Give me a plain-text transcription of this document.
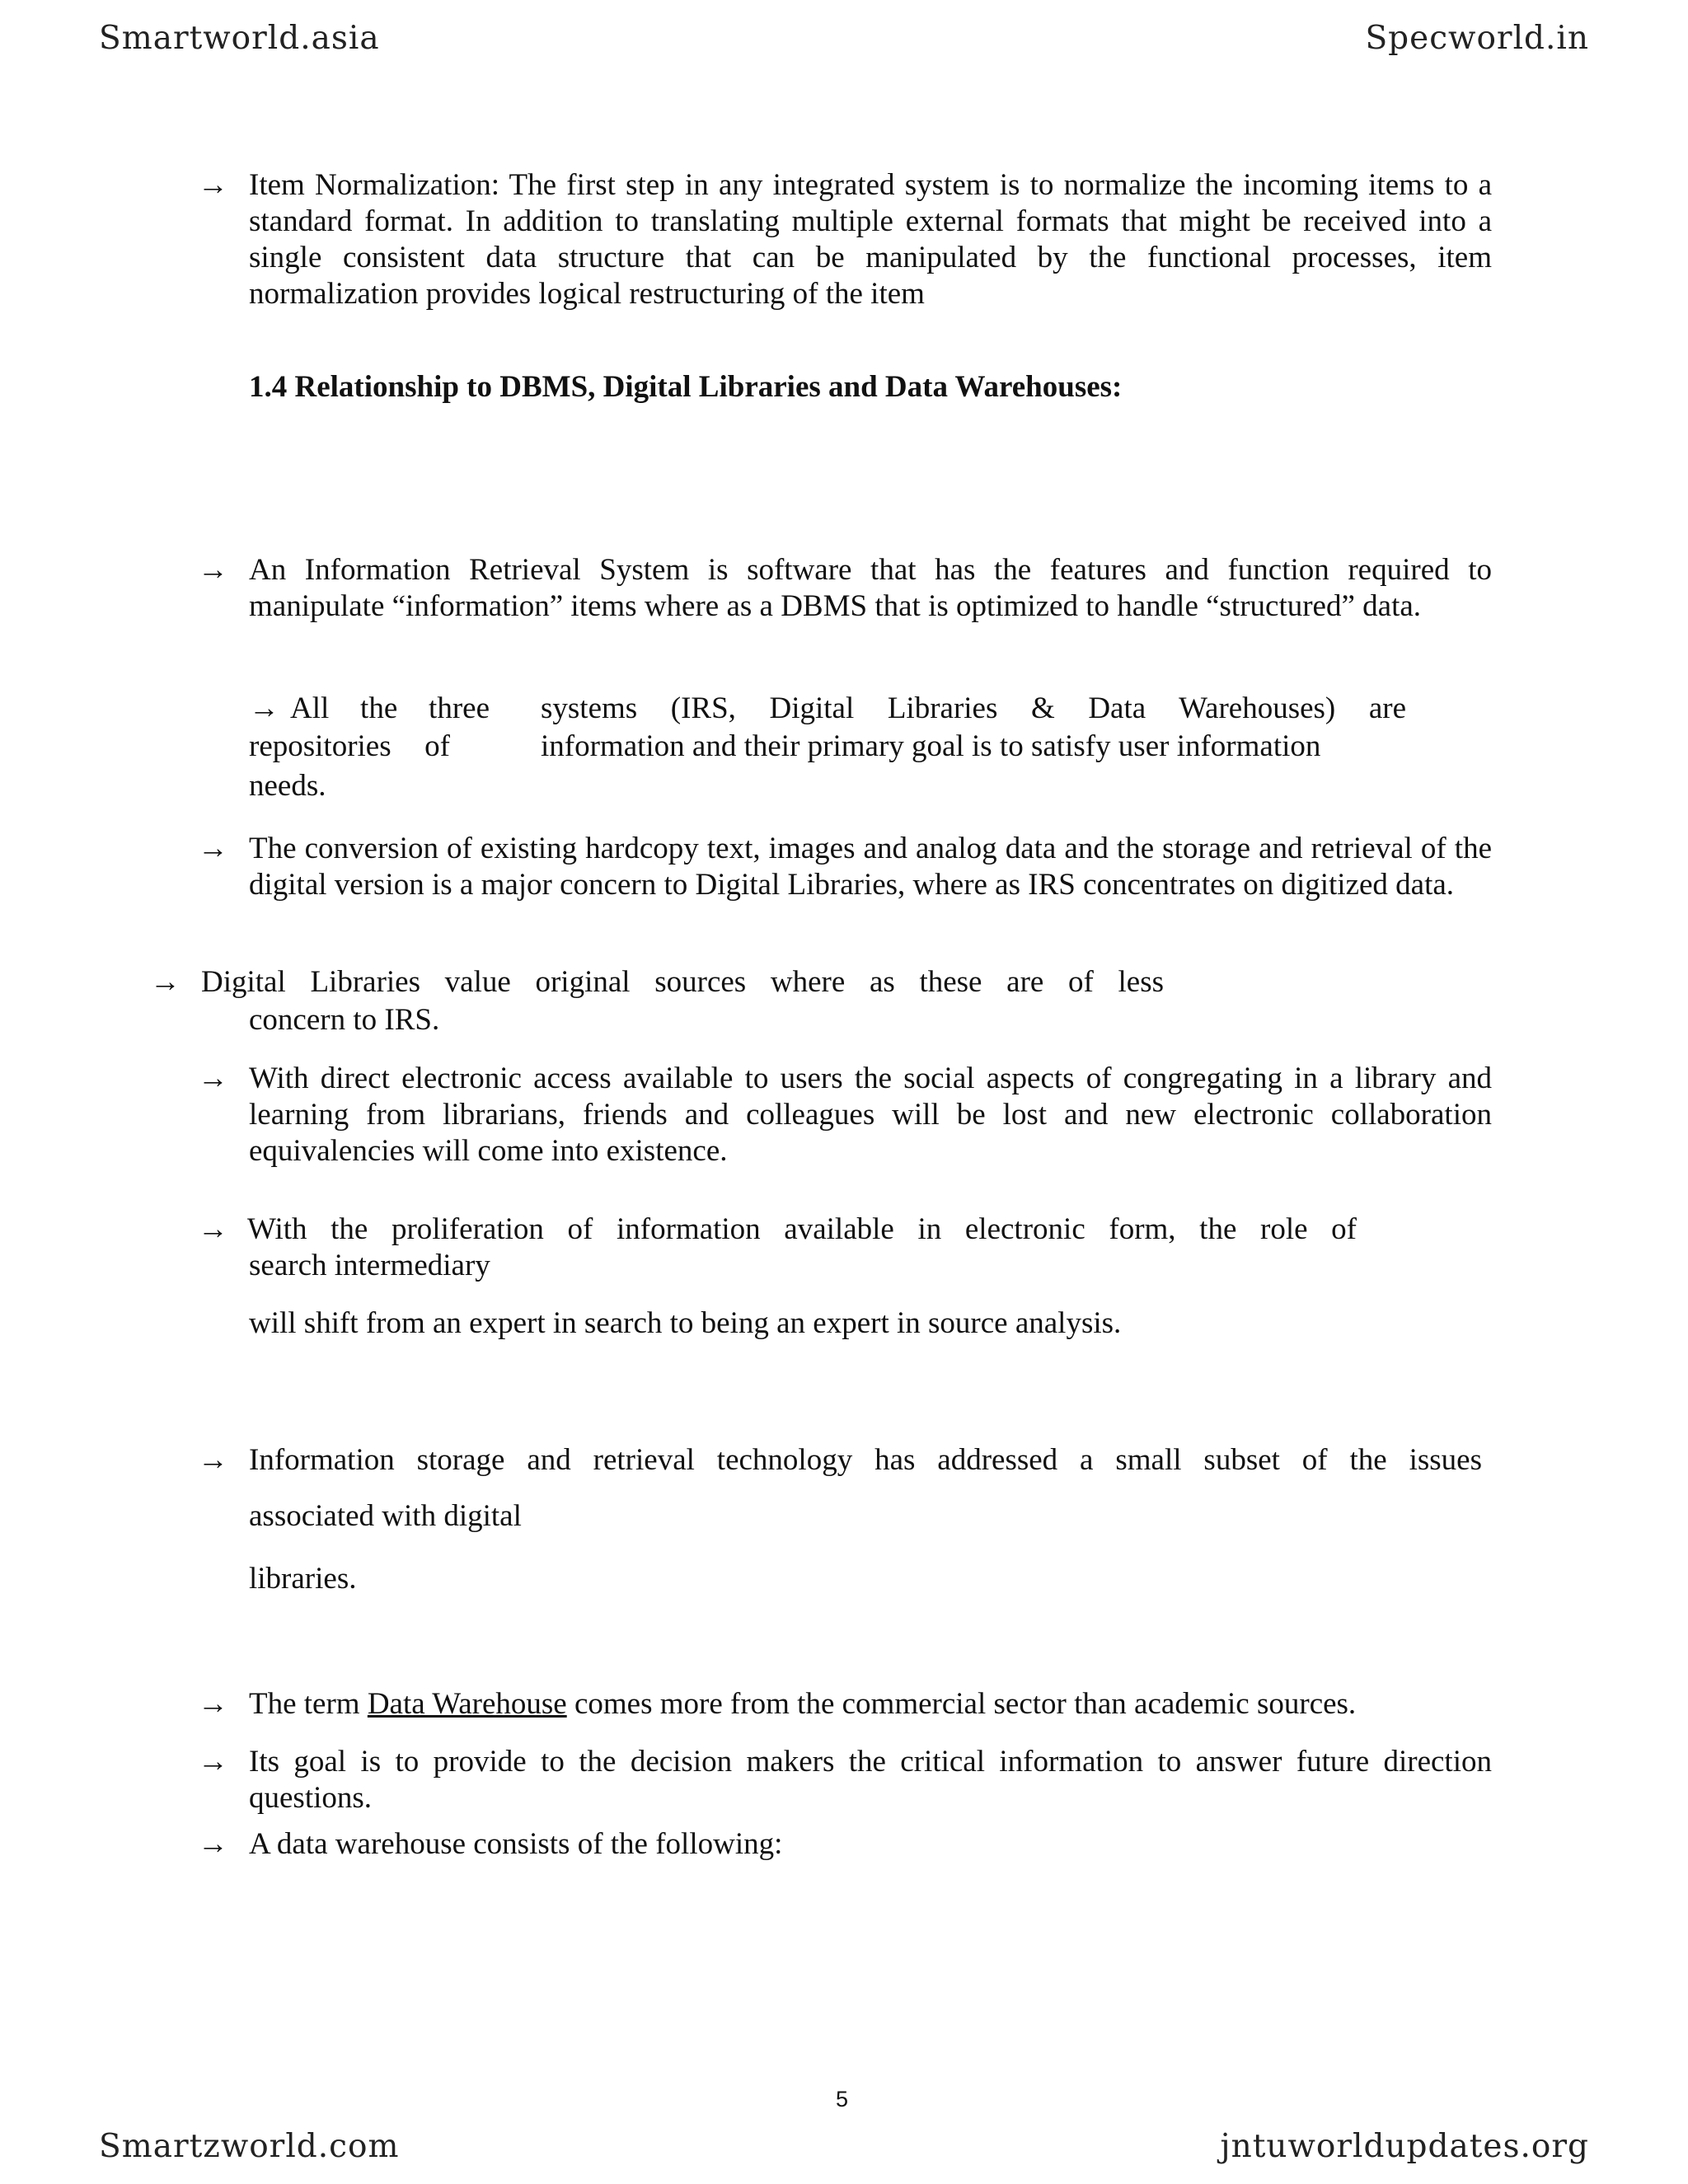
Smartworld.asia	Specworld.in
→ Item Normalization: The first step in any integrated system is to normalize the incoming items to a standard format. In addition to translating multiple external formats that might be received into a single consistent data structure that can be manipulated by the functional processes, item normalization provides logical restructuring of the item
1.4 Relationship to DBMS, Digital Libraries and Data Warehouses:
→ An Information Retrieval System is software that has the features and function required to manipulate “information” items where as a DBMS that is optimized to handle “structured” data.
→ All the three
repositories of
needs.
systems (IRS, Digital Libraries & Data Warehouses) are
information and their primary goal is to satisfy user information
→ The conversion of existing hardcopy text, images and analog data and the storage and retrieval of the digital version is a major concern to Digital Libraries, where as IRS concentrates on digitized data.
→ Digital Libraries value original sources where as these are of less
concern to IRS.
→ With direct electronic access available to users the social aspects of congregating in a library and learning from librarians, friends and colleagues will be lost and new electronic collaboration equivalencies will come into existence.
→ With the proliferation of information available in electronic form, the role of
search intermediary
will shift from an expert in search to being an expert in source analysis.
→ Information storage and retrieval technology has addressed a small subset of the issues
associated with digital
libraries.
→ The term Data Warehouse comes more from the commercial sector than academic sources.
→ Its goal is to provide to the decision makers the critical information to answer future direction questions.
→ A data warehouse consists of the following:
5
Smartzworld.com	jntuworldupdates.org
